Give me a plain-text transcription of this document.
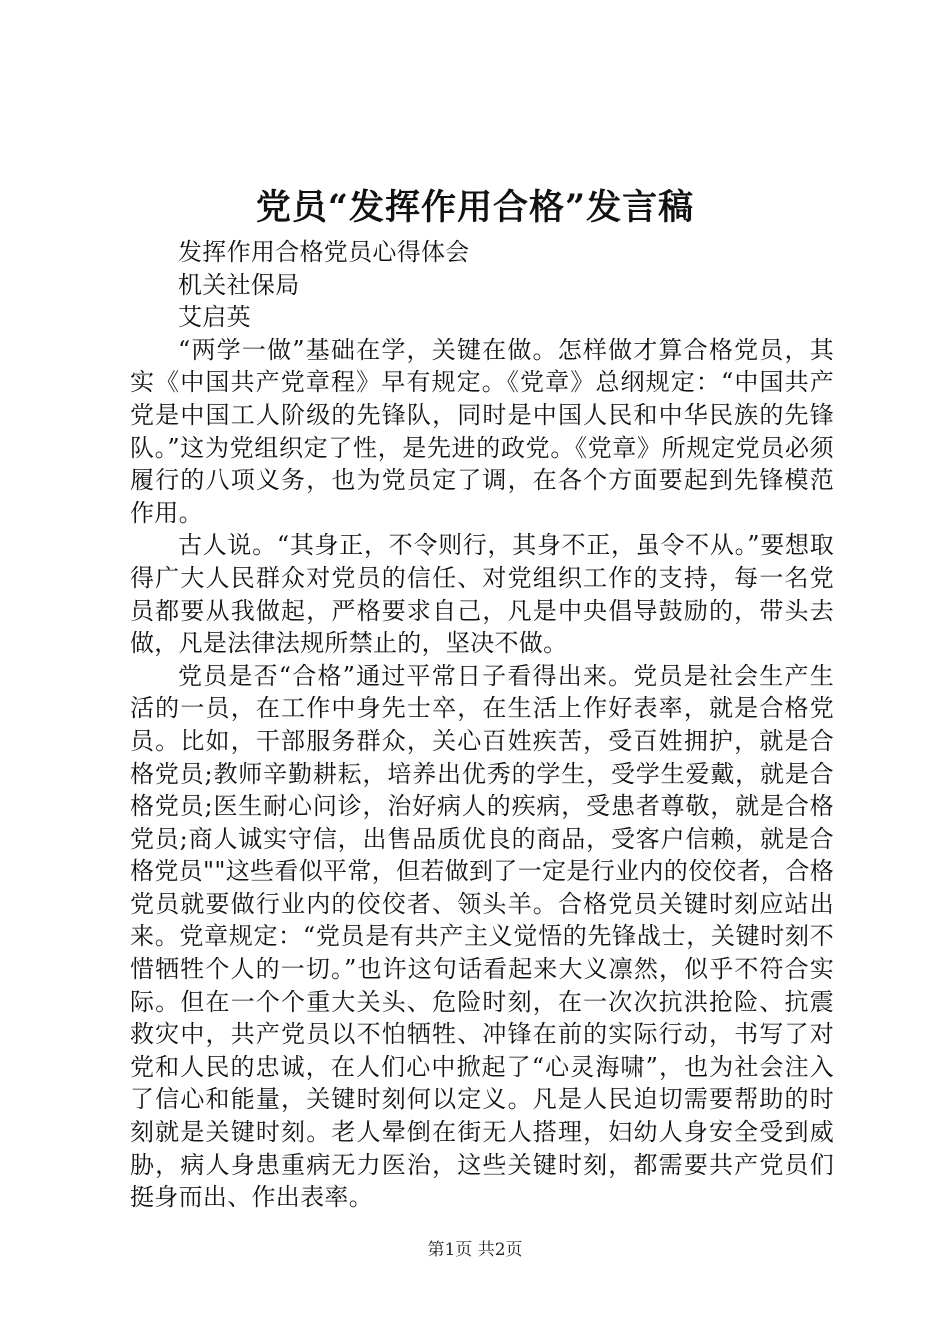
党员“发挥作用合格”发言稿

发挥作用合格党员心得体会

机关社保局

艾启英

“两学一做”基础在学，关键在做。怎样做才算合格党员，其实《中国共产党章程》早有规定。《党章》总纲规定：“中国共产党是中国工人阶级的先锋队，同时是中国人民和中华民族的先锋队。”这为党组织定了性，是先进的政党。《党章》所规定党员必须履行的八项义务，也为党员定了调，在各个方面要起到先锋模范作用。

古人说。“其身正，不令则行，其身不正，虽令不从。”要想取得广大人民群众对党员的信任、对党组织工作的支持，每一名党员都要从我做起，严格要求自己，凡是中央倡导鼓励的，带头去做，凡是法律法规所禁止的，坚决不做。

党员是否“合格”通过平常日子看得出来。党员是社会生产生活的一员，在工作中身先士卒，在生活上作好表率，就是合格党员。比如，干部服务群众，关心百姓疾苦，受百姓拥护，就是合格党员;教师辛勤耕耘，培养出优秀的学生，受学生爱戴，就是合格党员;医生耐心问诊，治好病人的疾病，受患者尊敬，就是合格党员;商人诚实守信，出售品质优良的商品，受客户信赖，就是合格党员""这些看似平常，但若做到了一定是行业内的佼佼者，合格党员就要做行业内的佼佼者、领头羊。合格党员关键时刻应站出来。党章规定：“党员是有共产主义觉悟的先锋战士，关键时刻不惜牺牲个人的一切。”也许这句话看起来大义凛然，似乎不符合实际。但在一个个重大关头、危险时刻，在一次次抗洪抢险、抗震救灾中，共产党员以不怕牺牲、冲锋在前的实际行动，书写了对党和人民的忠诚，在人们心中掀起了“心灵海啸”，也为社会注入了信心和能量，关键时刻何以定义。凡是人民迫切需要帮助的时刻就是关键时刻。老人晕倒在街无人搭理，妇幼人身安全受到威胁，病人身患重病无力医治，这些关键时刻，都需要共产党员们挺身而出、作出表率。

第1页 共2页
